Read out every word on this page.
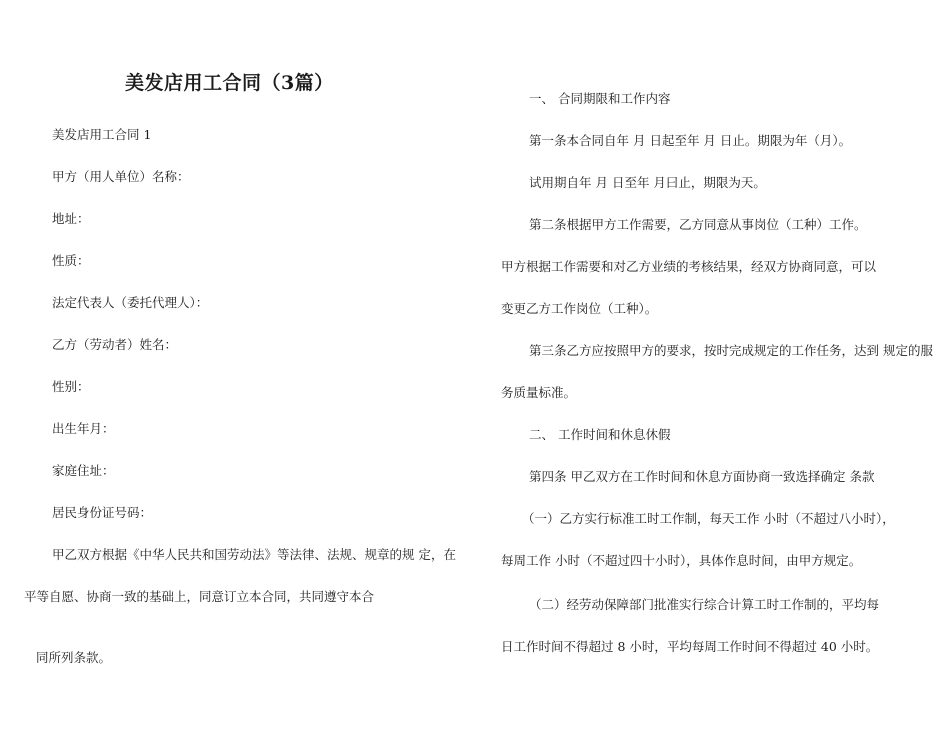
美发店用工合同（3篇）
美发店用工合同 1
甲方（用人单位）名称：
地址：
性质：
法定代表人（委托代理人）：
乙方（劳动者）姓名：
性别：
出生年月：
家庭住址：
居民身份证号码：
甲乙双方根据《中华人民共和国劳动法》等法律、法规、规章的规 定，在
平等自愿、协商一致的基础上，同意订立本合同，共同遵守本合
同所列条款。
一、 合同期限和工作内容
第一条本合同自年 月 日起至年 月 日止。期限为年（月）。
试用期自年 月 日至年 月曰止，期限为天。
第二条根据甲方工作需要，乙方同意从事岗位（工种）工作。
甲方根据工作需要和对乙方业绩的考核结果，经双方协商同意，可以
变更乙方工作岗位（工种）。
第三条乙方应按照甲方的要求，按时完成规定的工作任务，达到 规定的服
务质量标准。
二、 工作时间和休息休假
第四条 甲乙双方在工作时间和休息方面协商一致选择确定 条款
（一）乙方实行标准工时工作制，每天工作 小时（不超过八小时），
每周工作 小时（不超过四十小时），具体作息时间，由甲方规定。
（二）经劳动保障部门批准实行综合计算工时工作制的，平均每
日工作时间不得超过 8 小时，平均每周工作时间不得超过 40 小时。
